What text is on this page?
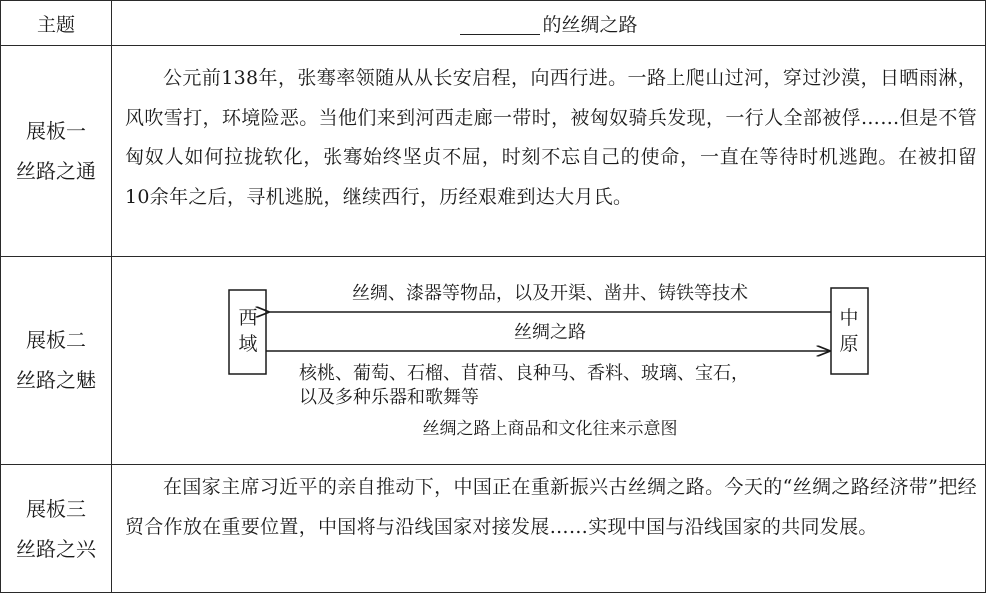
主题	的丝绸之路
展板一
丝路之通
公元前138年，张骞率领随从从长安启程，向西行进。一路上爬山过河，穿过沙漠，日晒雨淋，风吹雪打，环境险恶。当他们来到河西走廊一带时，被匈奴骑兵发现，一行人全部被俘……但是不管匈奴人如何拉拢软化，张骞始终坚贞不屈，时刻不忘自己的使命，一直在等待时机逃跑。在被扣留10余年之后，寻机逃脱，继续西行，历经艰难到达大月氏。
展板二
丝路之魅
西
域
中
原
丝绸、漆器等物品，以及开渠、凿井、铸铁等技术
丝绸之路
核桃、葡萄、石榴、苜蓿、良种马、香料、玻璃、宝石，
以及多种乐器和歌舞等
丝绸之路上商品和文化往来示意图
展板三
丝路之兴
在国家主席习近平的亲自推动下，中国正在重新振兴古丝绸之路。今天的“丝绸之路经济带”把经贸合作放在重要位置，中国将与沿线国家对接发展……实现中国与沿线国家的共同发展。
